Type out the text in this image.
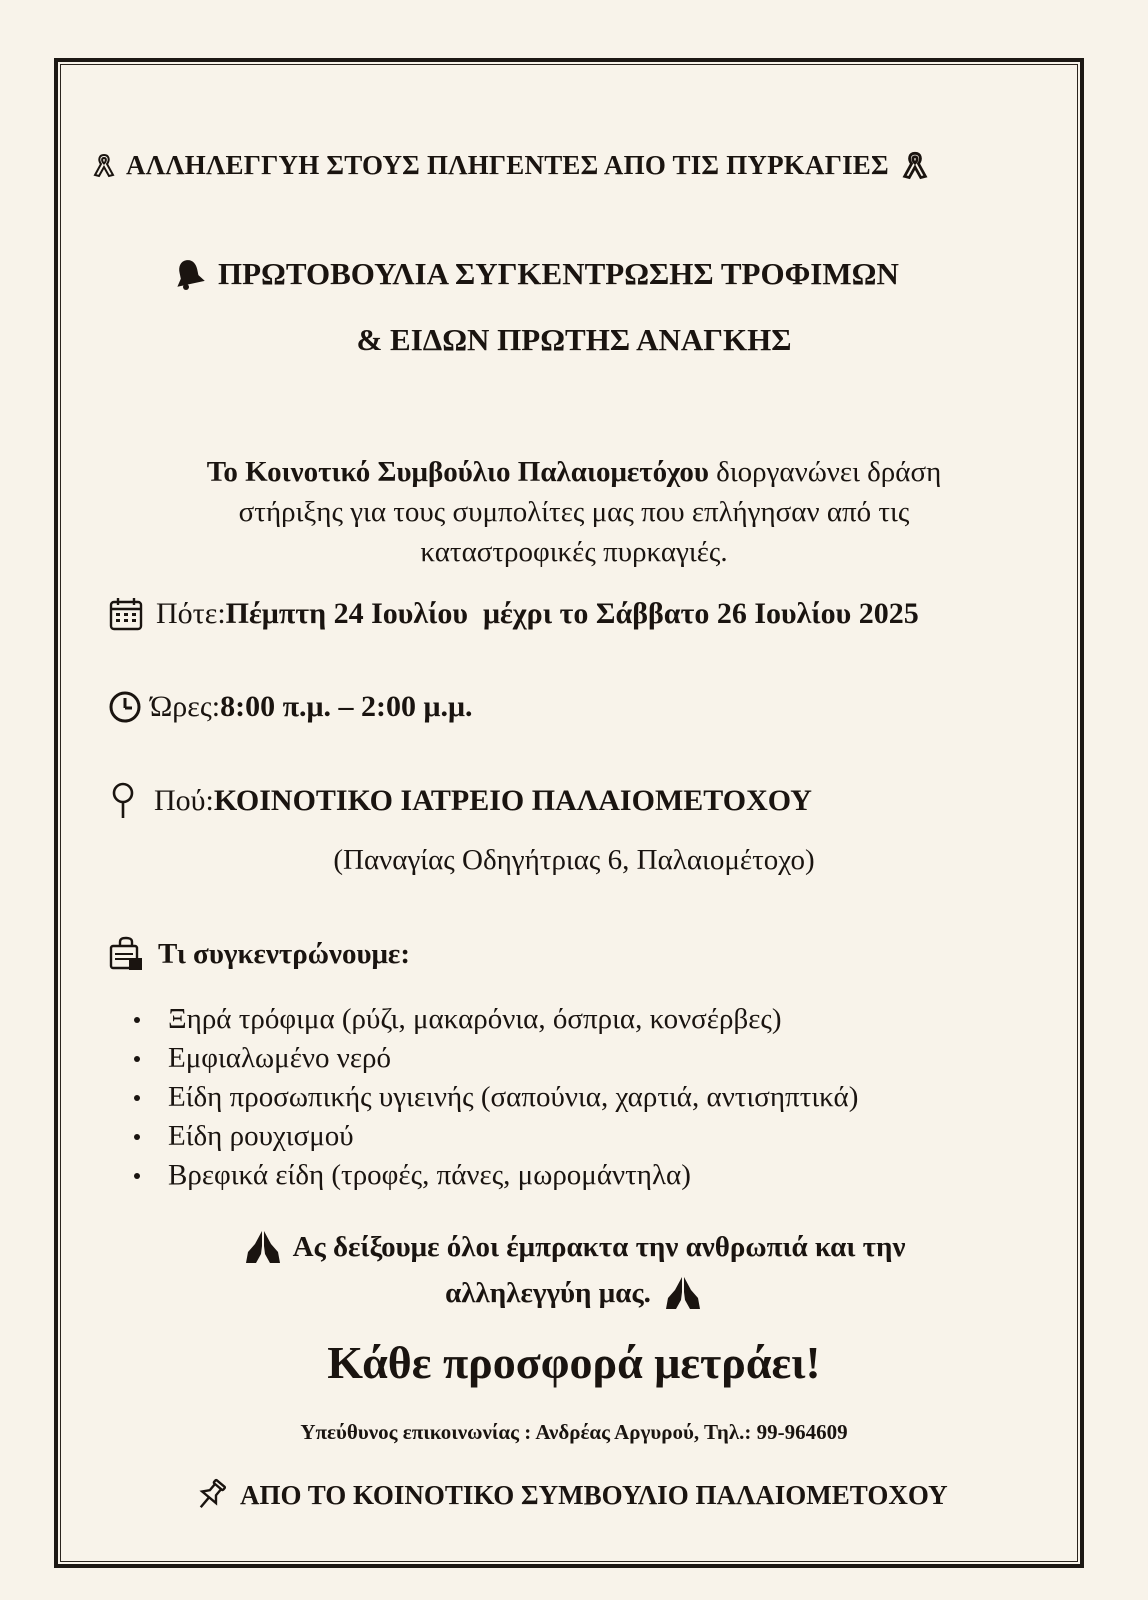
ΑΛΛΗΛΕΓΓΥΗ ΣΤΟΥΣ ΠΛΗΓΕΝΤΕΣ ΑΠΟ ΤΙΣ ΠΥΡΚΑΓΙΕΣ
ΠΡΩΤΟΒΟΥΛΙΑ ΣΥΓΚΕΝΤΡΩΣΗΣ ΤΡΟΦΙΜΩΝ
& ΕΙΔΩΝ ΠΡΩΤΗΣ ΑΝΑΓΚΗΣ
Το Κοινοτικό Συμβούλιο Παλαιομετόχου διοργανώνει δράση
στήριξης για τους συμπολίτες μας που επλήγησαν από τις
καταστροφικές πυρκαγιές.
Πότε: Πέμπτη 24 Ιουλίου  μέχρι το Σάββατο 26 Ιουλίου 2025
Ώρες: 8:00 π.μ. – 2:00 μ.μ.
Πού: ΚΟΙΝΟΤΙΚΟ ΙΑΤΡΕΙΟ ΠΑΛΑΙΟΜΕΤΟΧΟΥ
(Παναγίας Οδηγήτριας 6, Παλαιομέτοχο)
Τι συγκεντρώνουμε:
Ξηρά τρόφιμα (ρύζι, μακαρόνια, όσπρια, κονσέρβες)
Εμφιαλωμένο νερό
Είδη προσωπικής υγιεινής (σαπούνια, χαρτιά, αντισηπτικά)
Είδη ρουχισμού
Βρεφικά είδη (τροφές, πάνες, μωρομάντηλα)
Ας δείξουμε όλοι έμπρακτα την ανθρωπιά και την
αλληλεγγύη μας.
Κάθε προσφορά μετράει!
Υπεύθυνος επικοινωνίας : Ανδρέας Αργυρού, Τηλ.: 99-964609
ΑΠΟ ΤΟ ΚΟΙΝΟΤΙΚΟ ΣΥΜΒΟΥΛΙΟ ΠΑΛΑΙΟΜΕΤΟΧΟΥ
